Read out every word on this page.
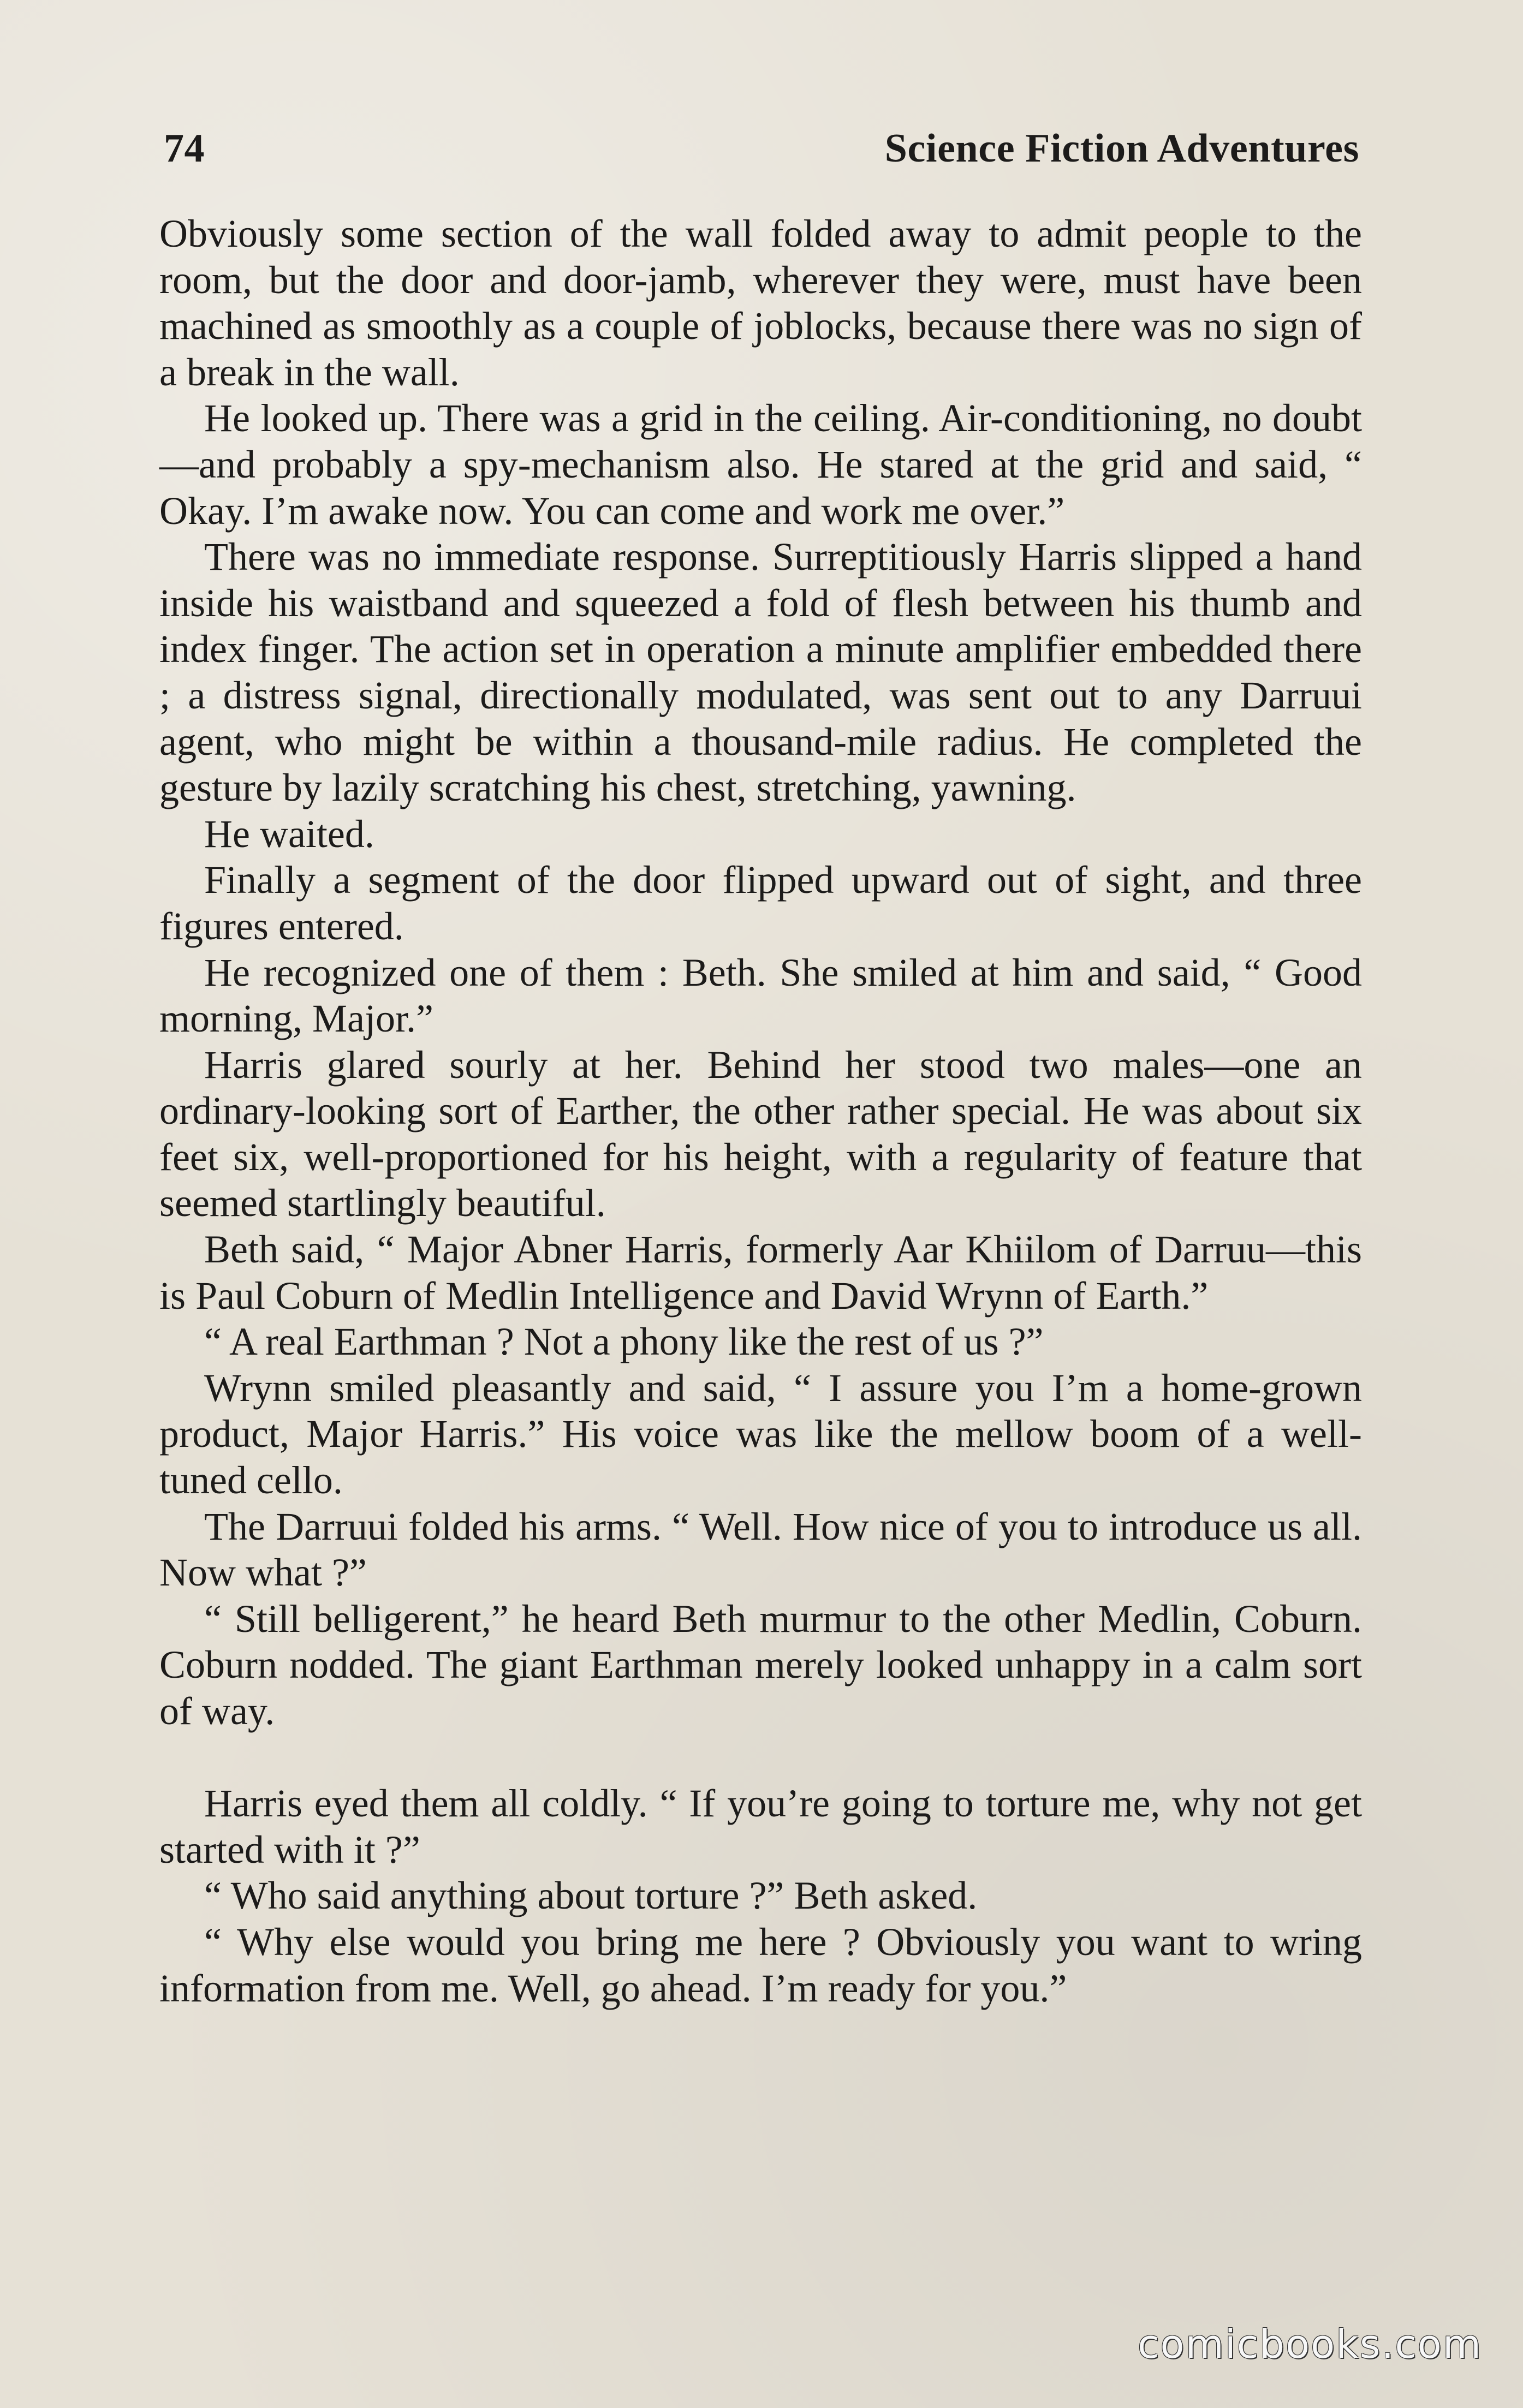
74	Science Fiction Adventures

Obviously some section of the wall folded away to admit people to the room, but the door and door-jamb, wherever they were, must have been machined as smoothly as a couple of joblocks, because there was no sign of a break in the wall.

He looked up. There was a grid in the ceiling. Air-conditioning, no doubt—and probably a spy-mechanism also. He stared at the grid and said, “ Okay. I’m awake now. You can come and work me over.”

There was no immediate response. Surreptitiously Harris slipped a hand inside his waistband and squeezed a fold of flesh between his thumb and index finger. The action set in operation a minute amplifier embedded there ; a distress signal, directionally modulated, was sent out to any Darruui agent, who might be within a thousand-mile radius. He completed the gesture by lazily scratching his chest, stretching, yawning.

He waited.

Finally a segment of the door flipped upward out of sight, and three figures entered.

He recognized one of them : Beth. She smiled at him and said, “ Good morning, Major.”

Harris glared sourly at her. Behind her stood two males—one an ordinary-looking sort of Earther, the other rather special. He was about six feet six, well-proportioned for his height, with a regularity of feature that seemed startlingly beautiful.

Beth said, “ Major Abner Harris, formerly Aar Khiilom of Darruu—this is Paul Coburn of Medlin Intelligence and David Wrynn of Earth.”

“ A real Earthman ? Not a phony like the rest of us ?”

Wrynn smiled pleasantly and said, “ I assure you I’m a home-grown product, Major Harris.” His voice was like the mellow boom of a well-tuned cello.

The Darruui folded his arms. “ Well. How nice of you to introduce us all. Now what ?”

“ Still belligerent,” he heard Beth murmur to the other Medlin, Coburn. Coburn nodded. The giant Earthman merely looked unhappy in a calm sort of way.

Harris eyed them all coldly. “ If you’re going to torture me, why not get started with it ?”

“ Who said anything about torture ?” Beth asked.

“ Why else would you bring me here ? Obviously you want to wring information from me. Well, go ahead. I’m ready for you.”

comicbooks.com
